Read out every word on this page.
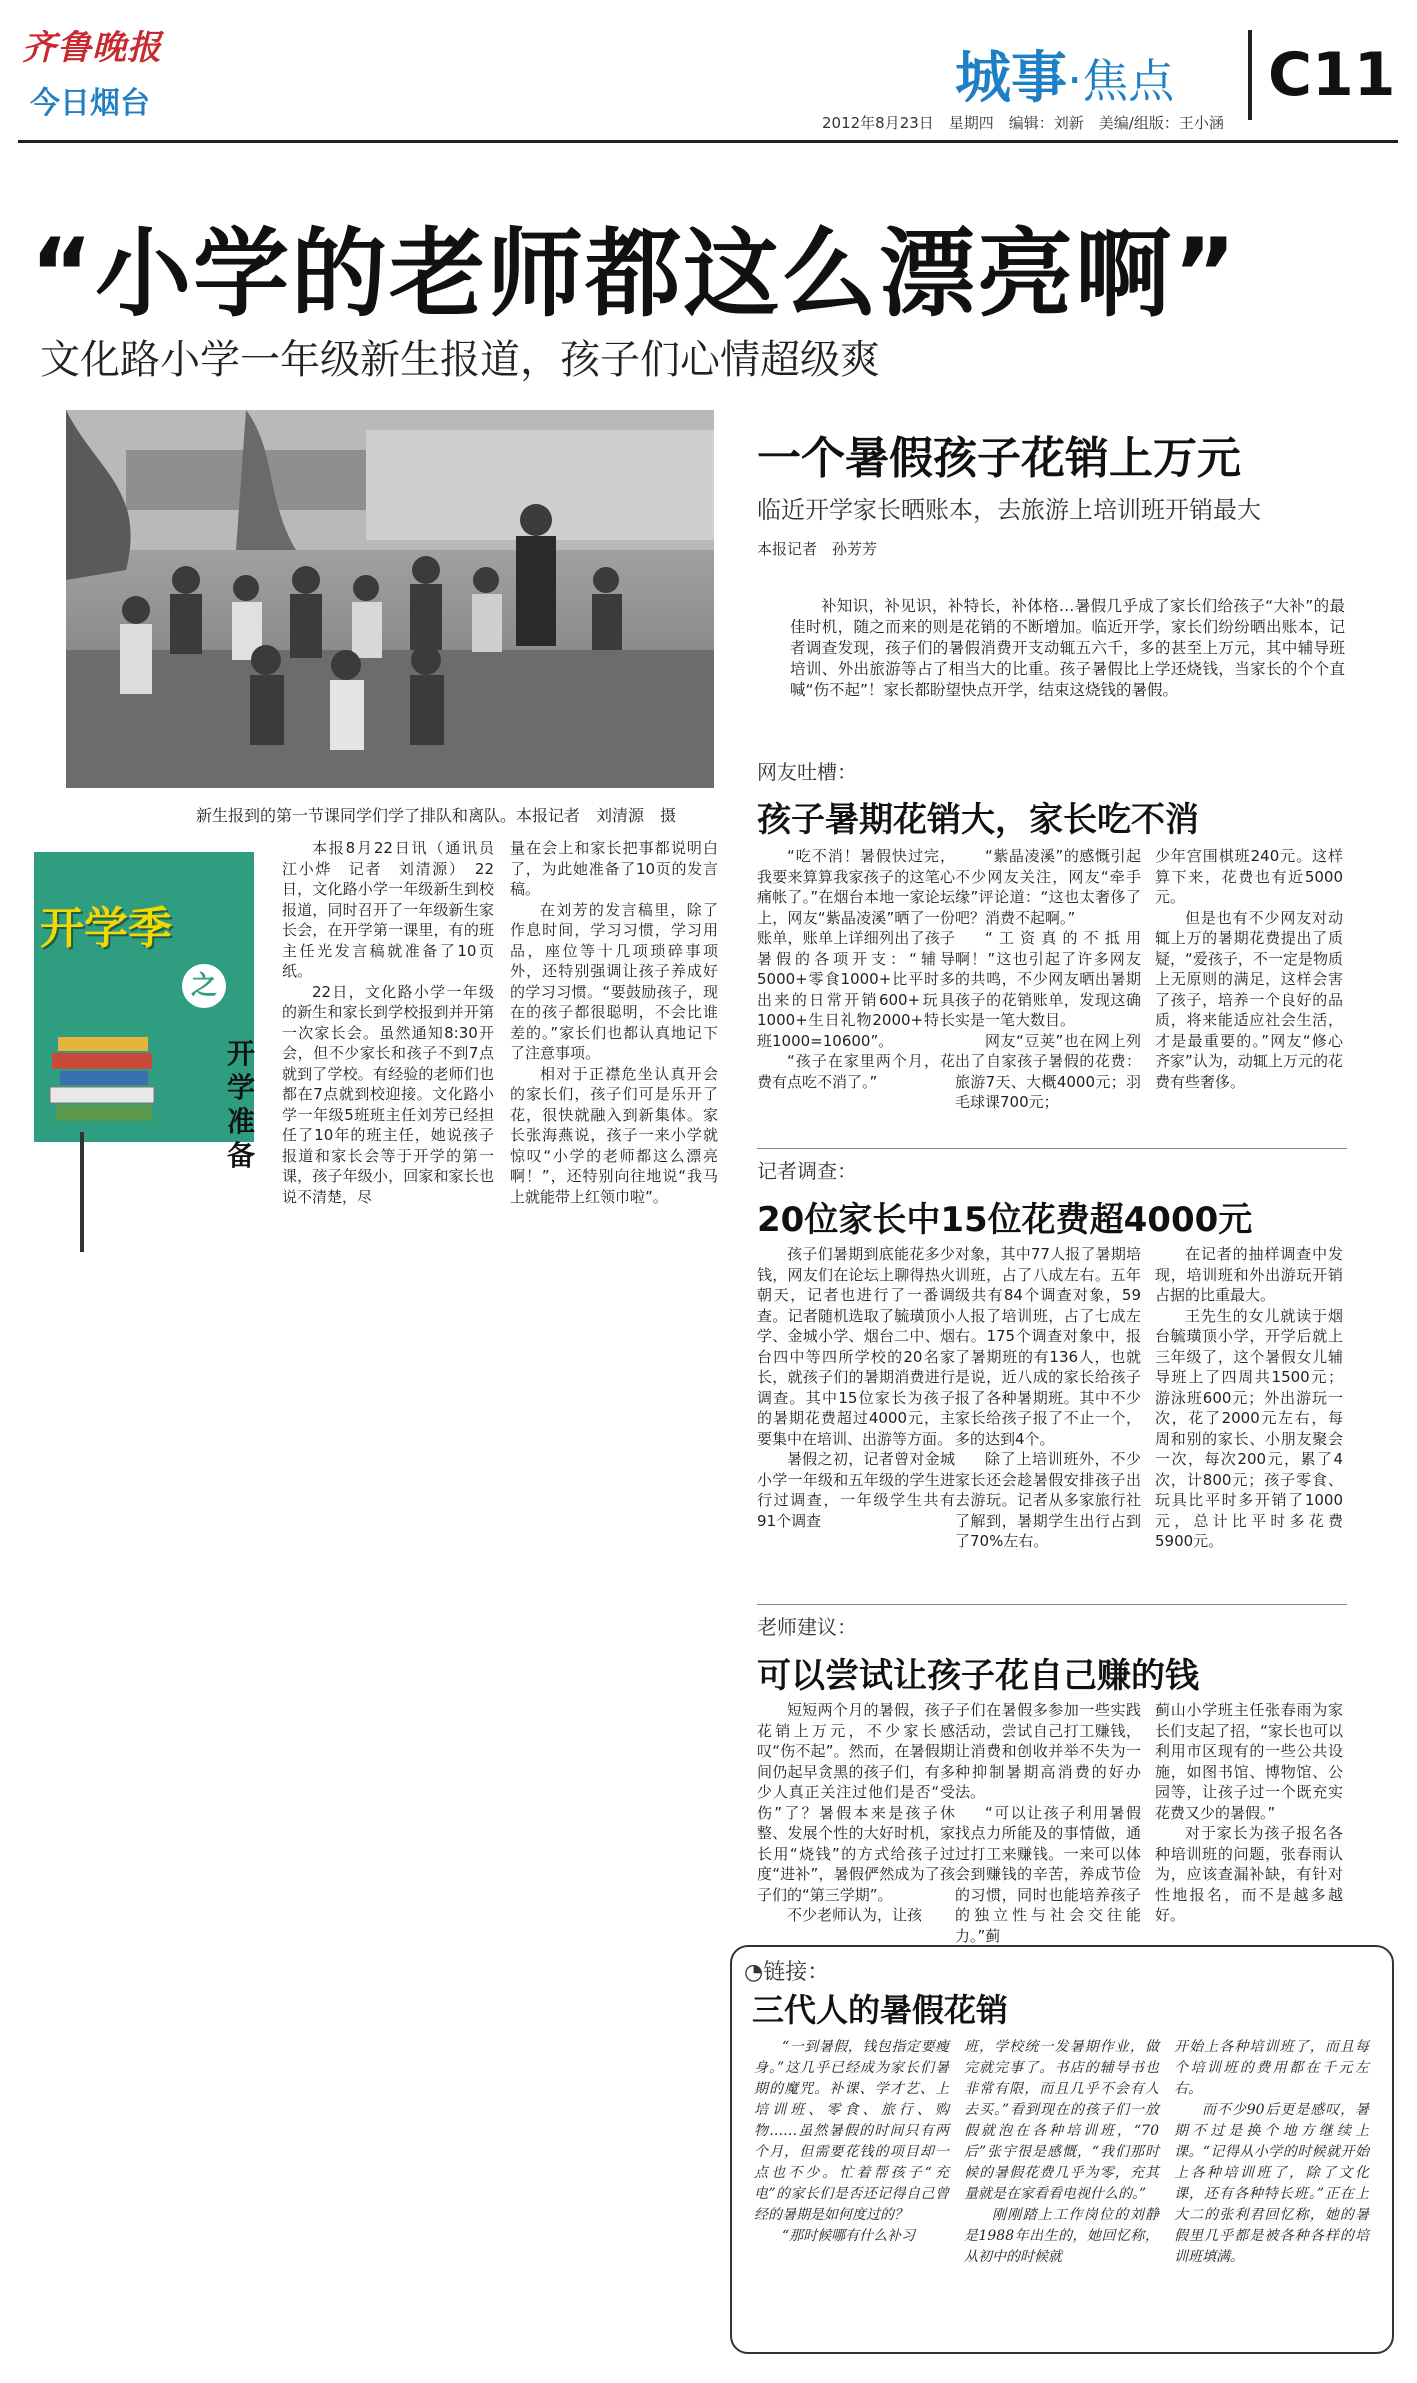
齐鲁晚报
今日烟台	城事·焦点 C11
2012年8月23日　星期四　编辑：刘新　美编/组版：王小涵
“小学的老师都这么漂亮啊”
文化路小学一年级新生报道，孩子们心情超级爽
新生报到的第一节课同学们学了排队和离队。本报记者　刘清源　摄
开学季
之
开学准备

本报8月22日讯（通讯员　江小烨　记者　刘清源）　22日，文化路小学一年级新生到校报道，同时召开了一年级新生家长会，在开学第一课里，有的班主任光发言稿就准备了10页纸。

22日，文化路小学一年级的新生和家长到学校报到并开第一次家长会。虽然通知8:30开会，但不少家长和孩子不到7点就到了学校。有经验的老师们也都在7点就到校迎接。文化路小学一年级5班班主任刘芳已经担任了10年的班主任，她说孩子报道和家长会等于开学的第一课，孩子年级小，回家和家长也说不清楚，尽

量在会上和家长把事都说明白了，为此她准备了10页的发言稿。

在刘芳的发言稿里，除了作息时间，学习习惯，学习用品，座位等十几项琐碎事项外，还特别强调让孩子养成好的学习习惯。“要鼓励孩子，现在的孩子都很聪明，不会比谁差的。”家长们也都认真地记下了注意事项。

相对于正襟危坐认真开会的家长们，孩子们可是乐开了花，很快就融入到新集体。家长张海燕说，孩子一来小学就惊叹“小学的老师都这么漂亮啊！”，还特别向往地说“我马上就能带上红领巾啦”。

一个暑假孩子花销上万元
临近开学家长晒账本，去旅游上培训班开销最大
本报记者　孙芳芳

补知识，补见识，补特长，补体格…暑假几乎成了家长们给孩子“大补”的最佳时机，随之而来的则是花销的不断增加。临近开学，家长们纷纷晒出账本，记者调查发现，孩子们的暑假消费开支动辄五六千，多的甚至上万元，其中辅导班培训、外出旅游等占了相当大的比重。孩子暑假比上学还烧钱，当家长的个个直喊“伤不起”！家长都盼望快点开学，结束这烧钱的暑假。

网友吐槽：
孩子暑期花销大，家长吃不消

“吃不消！暑假快过完，我要来算算我家孩子的这笔心痛帐了。”在烟台本地一家论坛上，网友“紫晶凌溪”晒了一份账单，账单上详细列出了孩子暑假的各项开支：“辅导5000+零食1000+比平时多出来的日常开销600+玩具1000+生日礼物2000+特长班1000=10600”。

“孩子在家里两个月，花费有点吃不消了。”

“紫晶凌溪”的感慨引起不少网友关注，网友“牵手缘”评论道：“这也太奢侈了吧？消费不起啊。”

“工资真的不抵用啊！”这也引起了许多网友的共鸣，不少网友晒出暑期孩子的花销账单，发现这确实是一笔大数目。

网友“豆荚”也在网上列出了自家孩子暑假的花费：旅游7天、大概4000元；羽毛球课700元；

少年宫围棋班240元。这样算下来，花费也有近5000元。

但是也有不少网友对动辄上万的暑期花费提出了质疑，“爱孩子，不一定是物质上无原则的满足，这样会害了孩子，培养一个良好的品质，将来能适应社会生活，才是最重要的。”网友“修心齐家”认为，动辄上万元的花费有些奢侈。

记者调查：
20位家长中15位花费超4000元

孩子们暑期到底能花多少钱，网友们在论坛上聊得热火朝天，记者也进行了一番调查。记者随机选取了毓璜顶小学、金城小学、烟台二中、烟台四中等四所学校的20名家长，就孩子们的暑期消费进行调查。其中15位家长为孩子的暑期花费超过4000元，主要集中在培训、出游等方面。

暑假之初，记者曾对金城小学一年级和五年级的学生进行过调查，一年级学生共有91个调查

对象，其中77人报了暑期培训班，占了八成左右。五年级共有84个调查对象，59人报了培训班，占了七成左右。175个调查对象中，报了暑期班的有136人，也就是说，近八成的家长给孩子报了各种暑期班。其中不少家长给孩子报了不止一个，多的达到4个。

除了上培训班外，不少家长还会趁暑假安排孩子出去游玩。记者从多家旅行社了解到，暑期学生出行占到了70%左右。

在记者的抽样调查中发现，培训班和外出游玩开销占据的比重最大。

王先生的女儿就读于烟台毓璜顶小学，开学后就上三年级了，这个暑假女儿辅导班上了四周共1500元；游泳班600元；外出游玩一次，花了2000元左右，每周和别的家长、小朋友聚会一次，每次200元，累了4次，计800元；孩子零食、玩具比平时多开销了1000元，总计比平时多花费5900元。

老师建议：
可以尝试让孩子花自己赚的钱

短短两个月的暑假，孩子花销上万元，不少家长感叹“伤不起”。然而，在暑假期间仍起早贪黑的孩子们，有多少人真正关注过他们是否“受伤”了？暑假本来是孩子休整、发展个性的大好时机，家长用“烧钱”的方式给孩子过度“进补”，暑假俨然成为了孩子们的“第三学期”。

不少老师认为，让孩

子们在暑假多参加一些实践活动，尝试自己打工赚钱，让消费和创收并举不失为一种抑制暑期高消费的好办法。

“可以让孩子利用暑假找点力所能及的事情做，通过打工来赚钱。一来可以体会到赚钱的辛苦，养成节俭的习惯，同时也能培养孩子的独立性与社会交往能力。”蓟

蓟山小学班主任张春雨为家长们支起了招，“家长也可以利用市区现有的一些公共设施，如图书馆、博物馆、公园等，让孩子过一个既充实花费又少的暑假。”

对于家长为孩子报名各种培训班的问题，张春雨认为，应该查漏补缺，有针对性地报名，而不是越多越好。

◔链接：
三代人的暑假花销

“一到暑假，钱包指定要瘦身。”这几乎已经成为家长们暑期的魔咒。补课、学才艺、上培训班、零食、旅行、购物……虽然暑假的时间只有两个月，但需要花钱的项目却一点也不少。忙着帮孩子“充电”的家长们是否还记得自己曾经的暑期是如何度过的？

“那时候哪有什么补习

班，学校统一发暑期作业，做完就完事了。书店的辅导书也非常有限，而且几乎不会有人去买。”看到现在的孩子们一放假就泡在各种培训班，“70后”张宇很是感慨，“我们那时候的暑假花费几乎为零，充其量就是在家看看电视什么的。”

刚刚踏上工作岗位的刘静是1988年出生的，她回忆称，从初中的时候就

开始上各种培训班了，而且每个培训班的费用都在千元左右。

而不少90后更是感叹，暑期不过是换个地方继续上课。“记得从小学的时候就开始上各种培训班了，除了文化课，还有各种特长班。”正在上大二的张利君回忆称，她的暑假里几乎都是被各种各样的培训班填满。
